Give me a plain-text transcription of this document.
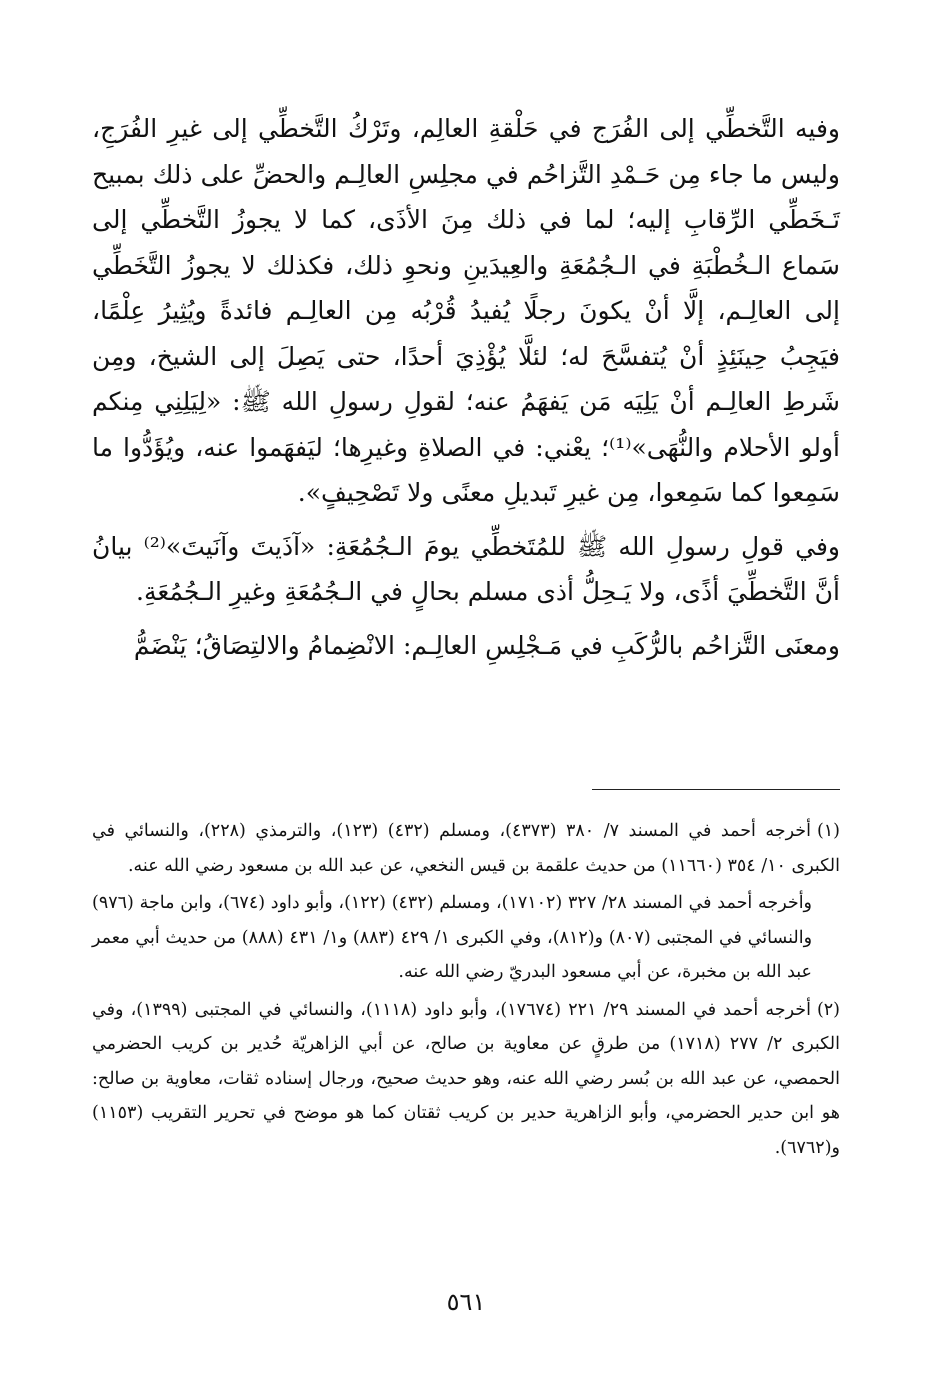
وفيه التَّخطِّي إلى الفُرَج في حَلْقةِ العالِم، وتَرْكُ التَّخطِّي إلى غيرِ الفُرَجِ، وليس ما جاء مِن حَـمْدِ التَّزاحُم في مجلِسِ العالِـم والحضِّ على ذلك بمبيح تَـخَطِّي الرِّقابِ إليه؛ لما في ذلك مِنَ الأذَى، كما لا يجوزُ التَّخطِّي إلى سَماع الـخُطْبَةِ في الـجُمُعَةِ والعِيدَينِ ونحوِ ذلك، فكذلك لا يجوزُ التَّخَطِّي إلى العالِـم، إلَّا أنْ يكونَ رجلًا يُفيدُ قُرْبُه مِن العالِـم فائدةً ويُثِيرُ عِلْمًا، فيَجِبُ حِينَئِذٍ أنْ يُتفسَّحَ له؛ لئلَّا يُؤْذِيَ أحدًا، حتى يَصِلَ إلى الشيخ، ومِن شَرطِ العالِـم أنْ يَلِيَه مَن يَفهَمُ عنه؛ لقولِ رسولِ الله ﷺ: «لِيَلِنِي مِنكم أولو الأحلام والنُّهَى»⁽¹⁾؛ يعْني: في الصلاةِ وغيرِها؛ ليَفهَموا عنه، ويُؤَدُّوا ما سَمِعوا كما سَمِعوا، مِن غيرِ تَبديلِ معنًى ولا تَصْحِيفٍ».

وفي قولِ رسولِ الله ﷺ للمُتَخطِّي يومَ الـجُمُعَةِ: «آذَيتَ وآنَيتَ»⁽²⁾ بيانُ أنَّ التَّخطِّيَ أذًى، ولا يَـحِلُّ أذى مسلم بحالٍ في الـجُمُعَةِ وغيرِ الـجُمُعَةِ.

ومعنَى التَّزاحُم بالرُّكَبِ في مَـجْلِسِ العالِـم: الانْضِمامُ والالتِصَاقُ؛ يَنْضَمُّ

(١)أخرجه أحمد في المسند ٧/ ٣٨٠ (٤٣٧٣)، ومسلم (٤٣٢) (١٢٣)، والترمذي (٢٢٨)، والنسائي في الكبرى ١٠/ ٣٥٤ (١١٦٦٠) من حديث علقمة بن قيس النخعي، عن عبد الله بن مسعود رضي الله عنه.

وأخرجه أحمد في المسند ٢٨/ ٣٢٧ (١٧١٠٢)، ومسلم (٤٣٢) (١٢٢)، وأبو داود (٦٧٤)، وابن ماجة (٩٧٦) والنسائي في المجتبى (٨٠٧) و(٨١٢)، وفي الكبرى ١/ ٤٢٩ (٨٨٣) و١/ ٤٣١ (٨٨٨) من حديث أبي معمر عبد الله بن مخبرة، عن أبي مسعود البدريّ رضي الله عنه.

(٢)أخرجه أحمد في المسند ٢٩/ ٢٢١ (١٧٦٧٤)، وأبو داود (١١١٨)، والنسائي في المجتبى (١٣٩٩)، وفي الكبرى ٢/ ٢٧٧ (١٧١٨) من طرقٍ عن معاوية بن صالح، عن أبي الزاهريّة حُدير بن كريب الحضرمي الحمصي، عن عبد الله بن بُسر رضي الله عنه، وهو حديث صحيح، ورجال إسناده ثقات، معاوية بن صالح: هو ابن حدير الحضرمي، وأبو الزاهرية حدير بن كريب ثقتان كما هو موضح في تحرير التقريب (١١٥٣) و(٦٧٦٢).

٥٦١
